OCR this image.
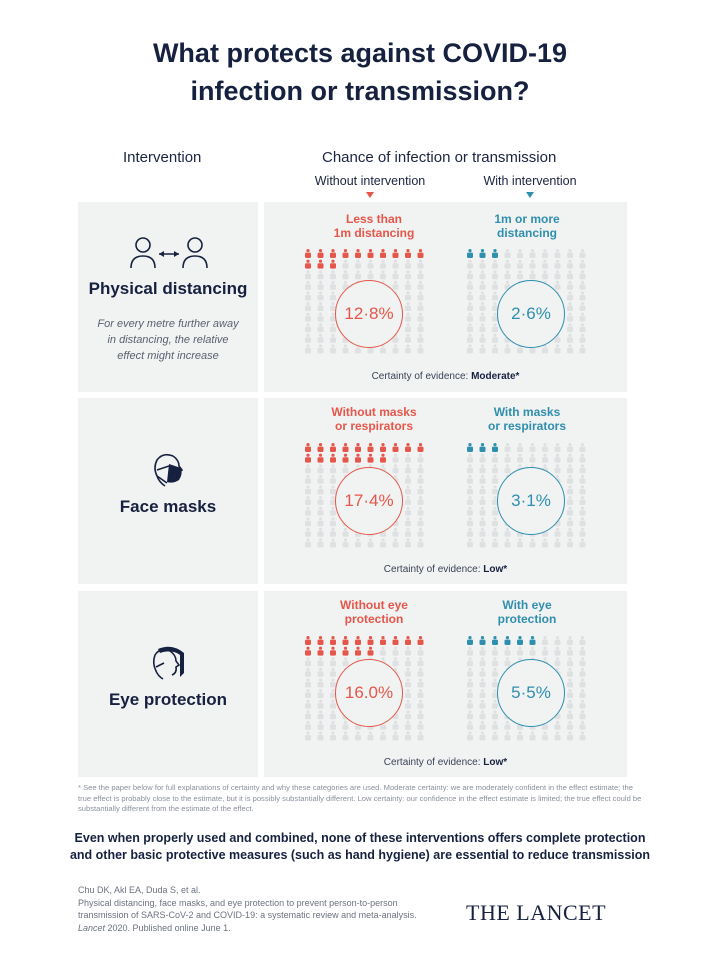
What protects against COVID-19
infection or transmission?
Intervention	Chance of infection or transmission
Without intervention	With intervention
Physical distancing
For every metre further away in distancing, the relative effect might increase
Less than
1m distancing
1m or more
distancing
12·8%	2·6%
Certainty of evidence: Moderate*
Face masks
Without masks
or respirators
With masks
or respirators
17·4%	3·1%
Certainty of evidence: Low*
Eye protection
Without eye
protection
With eye
protection
16.0%	5·5%
Certainty of evidence: Low*
* See the paper below for full explanations of certainty and why these categories are used. Moderate certainty: we are moderately confident in the effect estimate; the true effect is probably close to the estimate, but it is possibly substantially different. Low certainty: our confidence in the effect estimate is limited; the true effect could be substantially different from the estimate of the effect.
Even when properly used and combined, none of these interventions offers complete protection
and other basic protective measures (such as hand hygiene) are essential to reduce transmission
Chu DK, Akl EA, Duda S, et al.
Physical distancing, face masks, and eye protection to prevent person-to-person
transmission of SARS-CoV-2 and COVID-19: a systematic review and meta-analysis.
Lancet 2020. Published online June 1.
THE LANCET
